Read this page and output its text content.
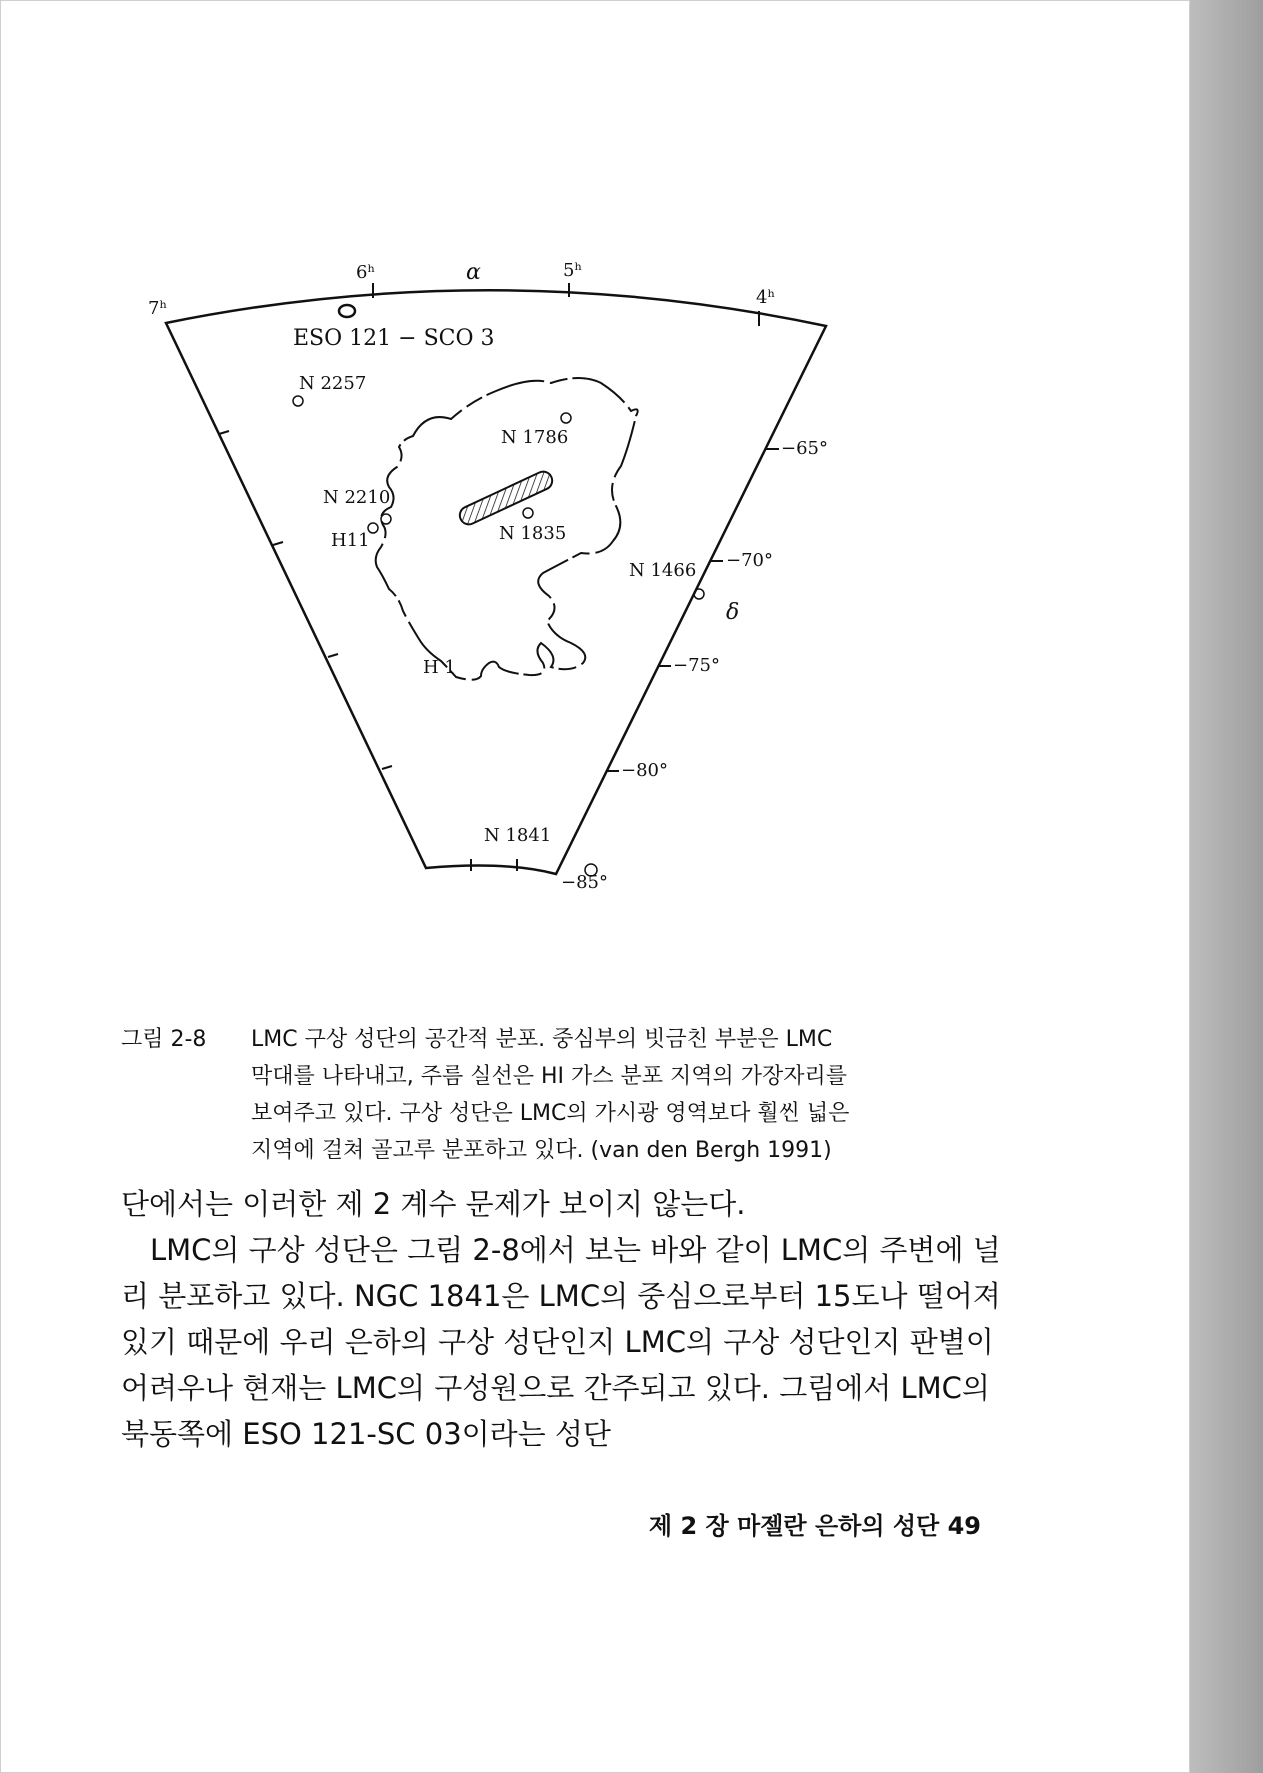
α
7ʰ
6ʰ	5ʰ
4ʰ
−65°
−70°
−75°
−80°
−85°
δ
ESO 121 − SCO 3
N 2257
N 1786
N 2210
H11	N 1835
N 1466
H 1
N 1841
그림 2-8	LMC 구상 성단의 공간적 분포. 중심부의 빗금친 부분은 LMC
막대를 나타내고, 주름 실선은 HI 가스 분포 지역의 가장자리를
보여주고 있다. 구상 성단은 LMC의 가시광 영역보다 훨씬 넓은
지역에 걸쳐 골고루 분포하고 있다. (van den Bergh 1991)

단에서는 이러한 제 2 계수 문제가 보이지 않는다.

LMC의 구상 성단은 그림 2-8에서 보는 바와 같이 LMC의 주변에 널리 분포하고 있다. NGC 1841은 LMC의 중심으로부터 15도나 떨어져 있기 때문에 우리 은하의 구상 성단인지 LMC의 구상 성단인지 판별이 어려우나 현재는 LMC의 구성원으로 간주되고 있다. 그림에서 LMC의 북동쪽에 ESO 121-SC 03이라는 성단

제 2 장 마젤란 은하의 성단 49
